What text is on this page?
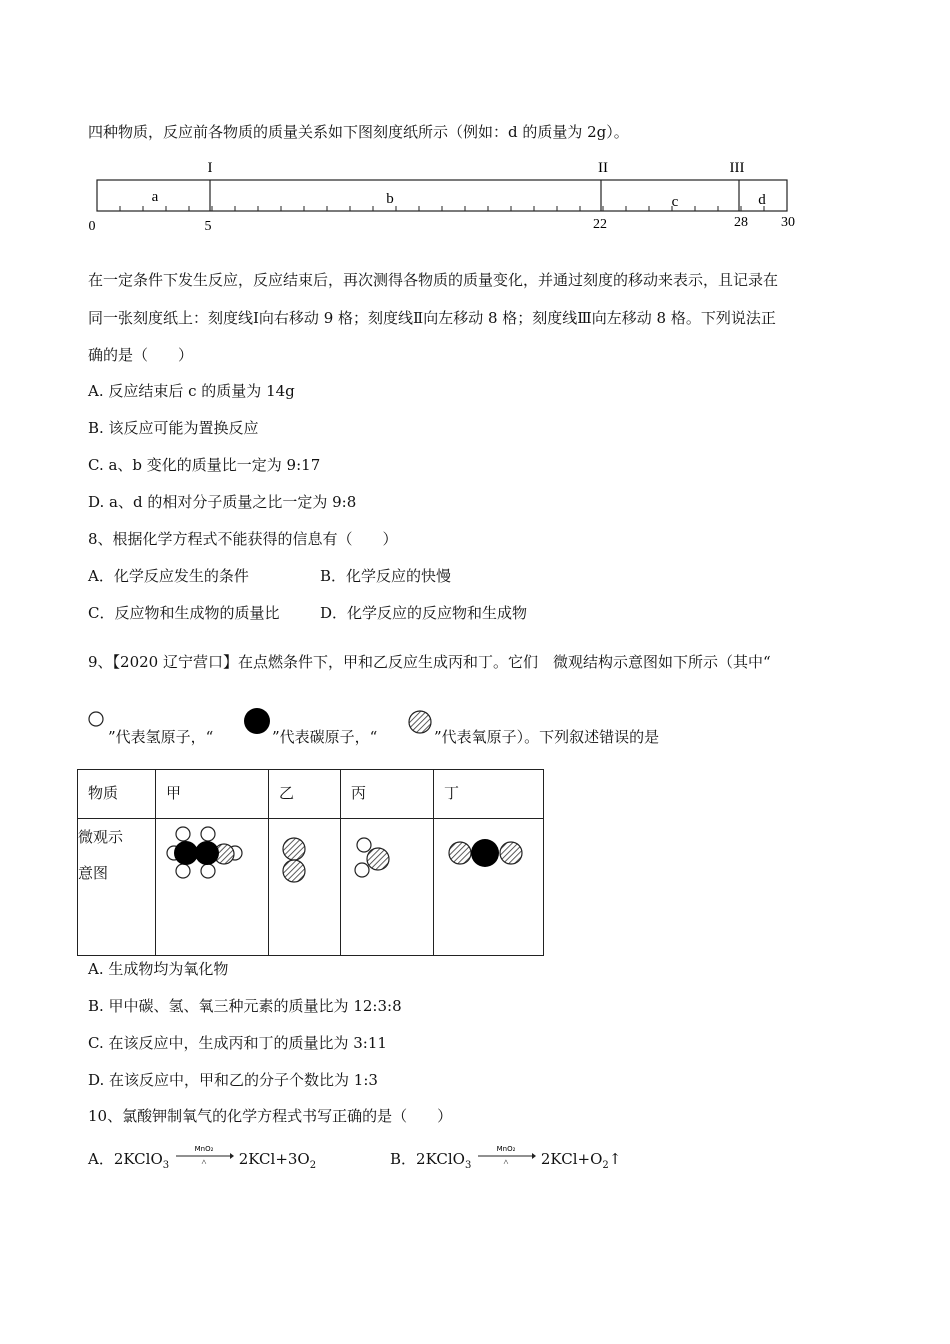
四种物质，反应前各物质的质量关系如下图刻度纸所示（例如：d 的质量为 2g）。
I	II	III
a	b	c	d
0	5	22	28 30
在一定条件下发生反应，反应结束后，再次测得各物质的质量变化，并通过刻度的移动来表示，且记录在
同一张刻度纸上：刻度线Ⅰ向右移动 9 格；刻度线Ⅱ向左移动 8 格；刻度线Ⅲ向左移动 8 格。下列说法正
确的是（　　）
A. 反应结束后 c 的质量为 14g
B. 该反应可能为置换反应
C. a、b 变化的质量比一定为 9:17
D. a、d 的相对分子质量之比一定为 9:8
8、根据化学方程式不能获得的信息有（　　）
A．化学反应发生的条件	B．化学反应的快慢
C．反应物和生成物的质量比	D．化学反应的反应物和生成物
9、【2020 辽宁营口】在点燃条件下，甲和乙反应生成丙和丁。它们　微观结构示意图如下所示（其中“
”代表氢原子，“	”代表碳原子，“	”代表氧原子）。下列叙述错误的是
物质	甲	乙	丙	丁

微观示
意图

A. 生成物均为氧化物
B. 甲中碳、氢、氧三种元素的质量比为 12:3:8
C. 在该反应中，生成丙和丁的质量比为 3:11
D. 在该反应中，甲和乙的分子个数比为 1:3
10、氯酸钾制氧气的化学方程式书写正确的是（　　）
A．2KClO$_3$
MnO₂
△ $2KCl+3O_2$	B．2KClO$_3$
MnO₂
△ $2KCl+O_2↑$
